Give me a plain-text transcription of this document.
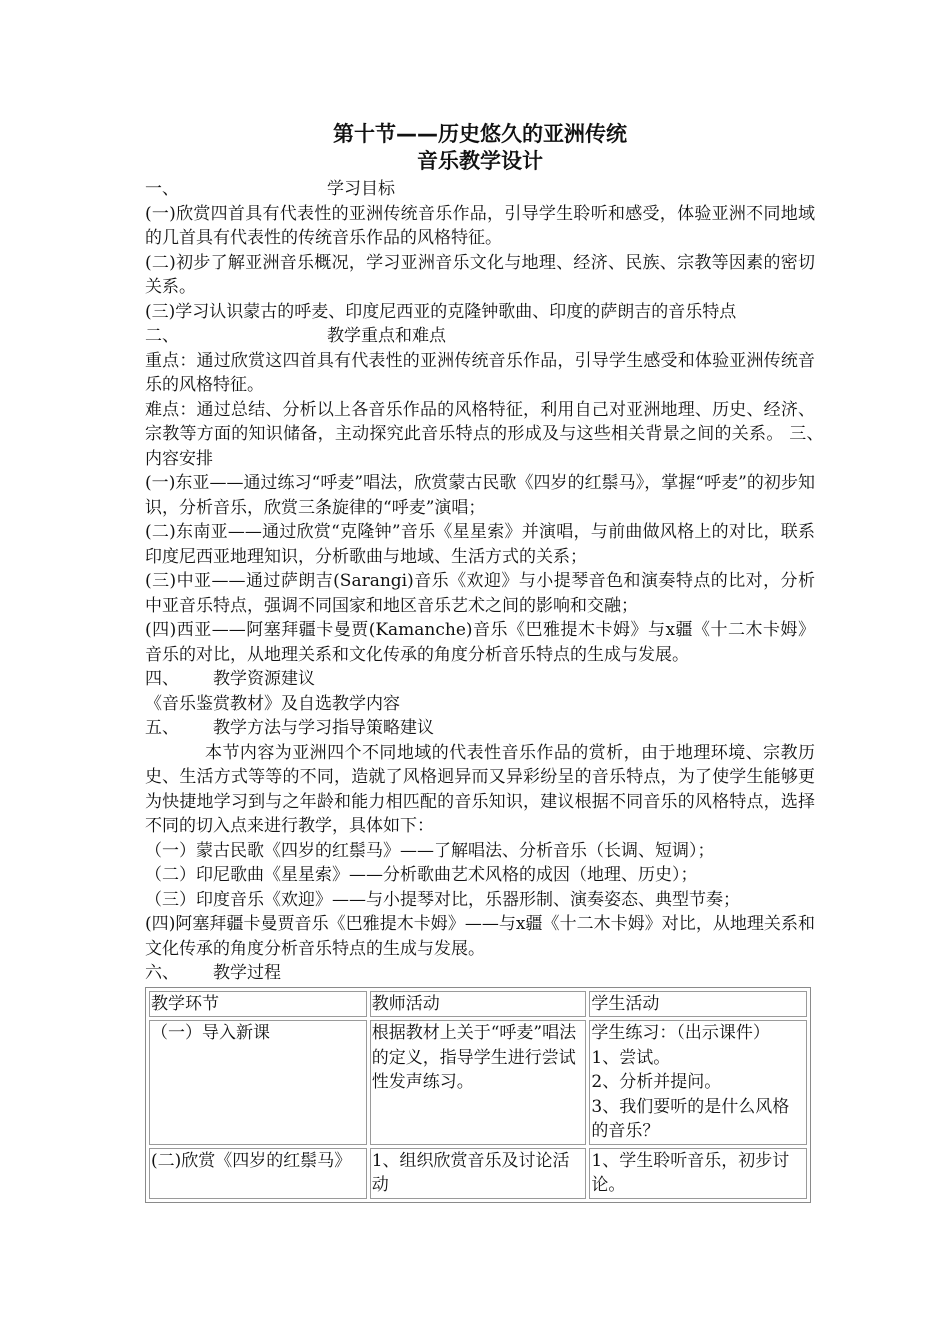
第十节——历史悠久的亚洲传统
音乐教学设计

一、	学习目标

(一)欣赏四首具有代表性的亚洲传统音乐作品，引导学生聆听和感受，体验亚洲不同地域的几首具有代表性的传统音乐作品的风格特征。

(二)初步了解亚洲音乐概况，学习亚洲音乐文化与地理、经济、民族、宗教等因素的密切关系。

(三)学习认识蒙古的呼麦、印度尼西亚的克隆钟歌曲、印度的萨朗吉的音乐特点

二、	教学重点和难点

重点：通过欣赏这四首具有代表性的亚洲传统音乐作品，引导学生感受和体验亚洲传统音乐的风格特征。

难点：通过总结、分析以上各音乐作品的风格特征，利用自己对亚洲地理、历史、经济、宗教等方面的知识储备，主动探究此音乐特点的形成及与这些相关背景之间的关系。 三、　　内容安排

(一)东亚——通过练习“呼麦”唱法，欣赏蒙古民歌《四岁的红鬃马》，掌握“呼麦”的初步知识，分析音乐，欣赏三条旋律的“呼麦”演唱；

(二)东南亚——通过欣赏“克隆钟”音乐《星星索》并演唱，与前曲做风格上的对比，联系印度尼西亚地理知识，分析歌曲与地域、生活方式的关系；

(三)中亚——通过萨朗吉(Sarangi)音乐《欢迎》与小提琴音色和演奏特点的比对，分析中亚音乐特点，强调不同国家和地区音乐艺术之间的影响和交融；

(四)西亚——阿塞拜疆卡曼贾(Kamanche)音乐《巴雅提木卡姆》与x疆《十二木卡姆》音乐的对比，从地理关系和文化传承的角度分析音乐特点的生成与发展。

四、 教学资源建议

《音乐鉴赏教材》及自选教学内容

五、 教学方法与学习指导策略建议

本节内容为亚洲四个不同地域的代表性音乐作品的赏析，由于地理环境、宗教历史、生活方式等等的不同，造就了风格迥异而又异彩纷呈的音乐特点，为了使学生能够更为快捷地学习到与之年龄和能力相匹配的音乐知识，建议根据不同音乐的风格特点，选择不同的切入点来进行教学，具体如下：

（一）蒙古民歌《四岁的红鬃马》——了解唱法、分析音乐（长调、短调）；

（二）印尼歌曲《星星索》——分析歌曲艺术风格的成因（地理、历史）；

（三）印度音乐《欢迎》——与小提琴对比，乐器形制、演奏姿态、典型节奏；

(四)阿塞拜疆卡曼贾音乐《巴雅提木卡姆》——与x疆《十二木卡姆》对比，从地理关系和文化传承的角度分析音乐特点的生成与发展。

六、 教学过程

教学环节	教师活动	学生活动
（一）导入新课	根据教材上关于“呼麦”唱法的定义，指导学生进行尝试性发声练习。	学生练习：（出示课件）
1、尝试。
2、分析并提问。
3、我们要听的是什么风格的音乐？

(二)欣赏《四岁的红鬃马》	1、组织欣赏音乐及讨论活动	1、学生聆听音乐，初步讨论。
